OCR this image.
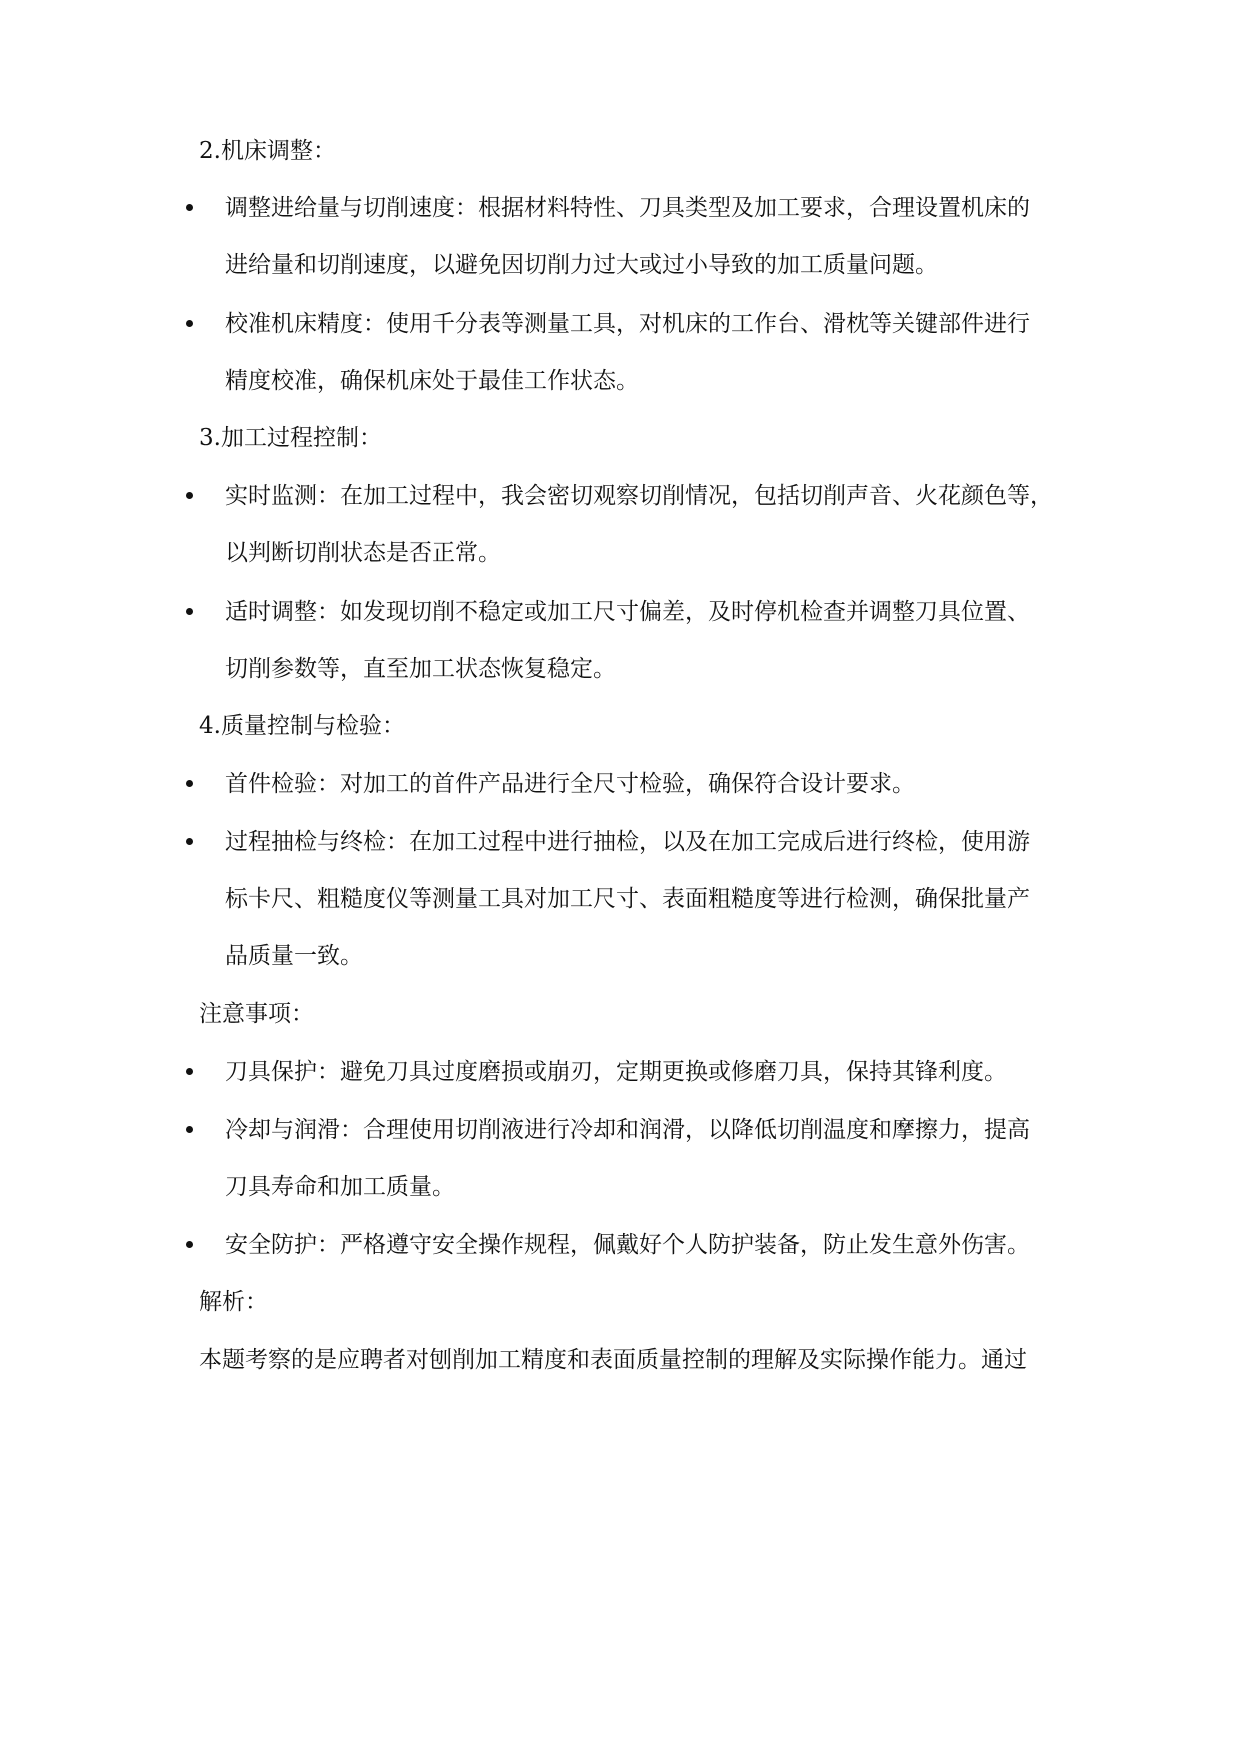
2.机床调整：
调整进给量与切削速度：根据材料特性、刀具类型及加工要求，合理设置机床的
进给量和切削速度，以避免因切削力过大或过小导致的加工质量问题。
校准机床精度：使用千分表等测量工具，对机床的工作台、滑枕等关键部件进行
精度校准，确保机床处于最佳工作状态。
3.加工过程控制：
实时监测：在加工过程中，我会密切观察切削情况，包括切削声音、火花颜色等，
以判断切削状态是否正常。
适时调整：如发现切削不稳定或加工尺寸偏差，及时停机检查并调整刀具位置、
切削参数等，直至加工状态恢复稳定。
4.质量控制与检验：
首件检验：对加工的首件产品进行全尺寸检验，确保符合设计要求。
过程抽检与终检：在加工过程中进行抽检，以及在加工完成后进行终检，使用游
标卡尺、粗糙度仪等测量工具对加工尺寸、表面粗糙度等进行检测，确保批量产
品质量一致。
注意事项：
刀具保护：避免刀具过度磨损或崩刃，定期更换或修磨刀具，保持其锋利度。
冷却与润滑：合理使用切削液进行冷却和润滑，以降低切削温度和摩擦力，提高
刀具寿命和加工质量。
安全防护：严格遵守安全操作规程，佩戴好个人防护装备，防止发生意外伤害。
解析：
本题考察的是应聘者对刨削加工精度和表面质量控制的理解及实际操作能力。通过
